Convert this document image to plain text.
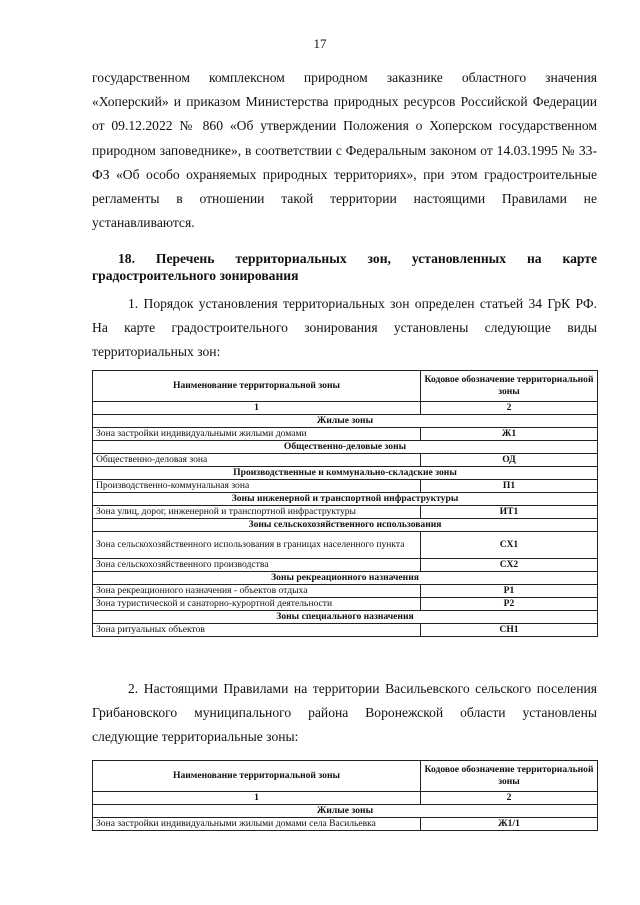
17

государственном комплексном природном заказнике областного значения «Хоперский» и приказом Министерства природных ресурсов Российской Федерации от 09.12.2022 № 860 «Об утверждении Положения о Хоперском государственном природном заповеднике», в соответствии с Федеральным законом от 14.03.1995 № 33-ФЗ «Об особо охраняемых природных территориях», при этом градостроительные регламенты в отношении такой территории настоящими Правилами не устанавливаются.

18. Перечень территориальных зон, установленных на карте градостроительного зонирования

1. Порядок установления территориальных зон определен статьей 34 ГрК РФ. На карте градостроительного зонирования установлены следующие виды территориальных зон:

Наименование территориальной зоны	Кодовое обозначение территориальной зоны
1	2
Жилые зоны	
Зона застройки индивидуальными жилыми домами	Ж1
Общественно-деловые зоны	
Общественно-деловая зона	ОД
Производственные и коммунально-складские зоны	
Производственно-коммунальная зона	П1
Зоны инженерной и транспортной инфраструктуры	
Зона улиц, дорог, инженерной и транспортной инфраструктуры	ИТ1
Зоны сельскохозяйственного использования	
Зона сельскохозяйственного использования в границах населенного пункта	СХ1
Зона сельскохозяйственного производства	СХ2
Зоны рекреационного назначения	
Зона рекреационного назначения - объектов отдыха	Р1
Зона туристической и санаторно-курортной деятельности	Р2
Зоны специального назначения	
Зона ритуальных объектов	СН1

2. Настоящими Правилами на территории Васильевского сельского поселения Грибановского муниципального района Воронежской области установлены следующие территориальные зоны:

Наименование территориальной зоны	Кодовое обозначение территориальной зоны
1	2
Жилые зоны	
Зона застройки индивидуальными жилыми домами села Васильевка	Ж1/1
